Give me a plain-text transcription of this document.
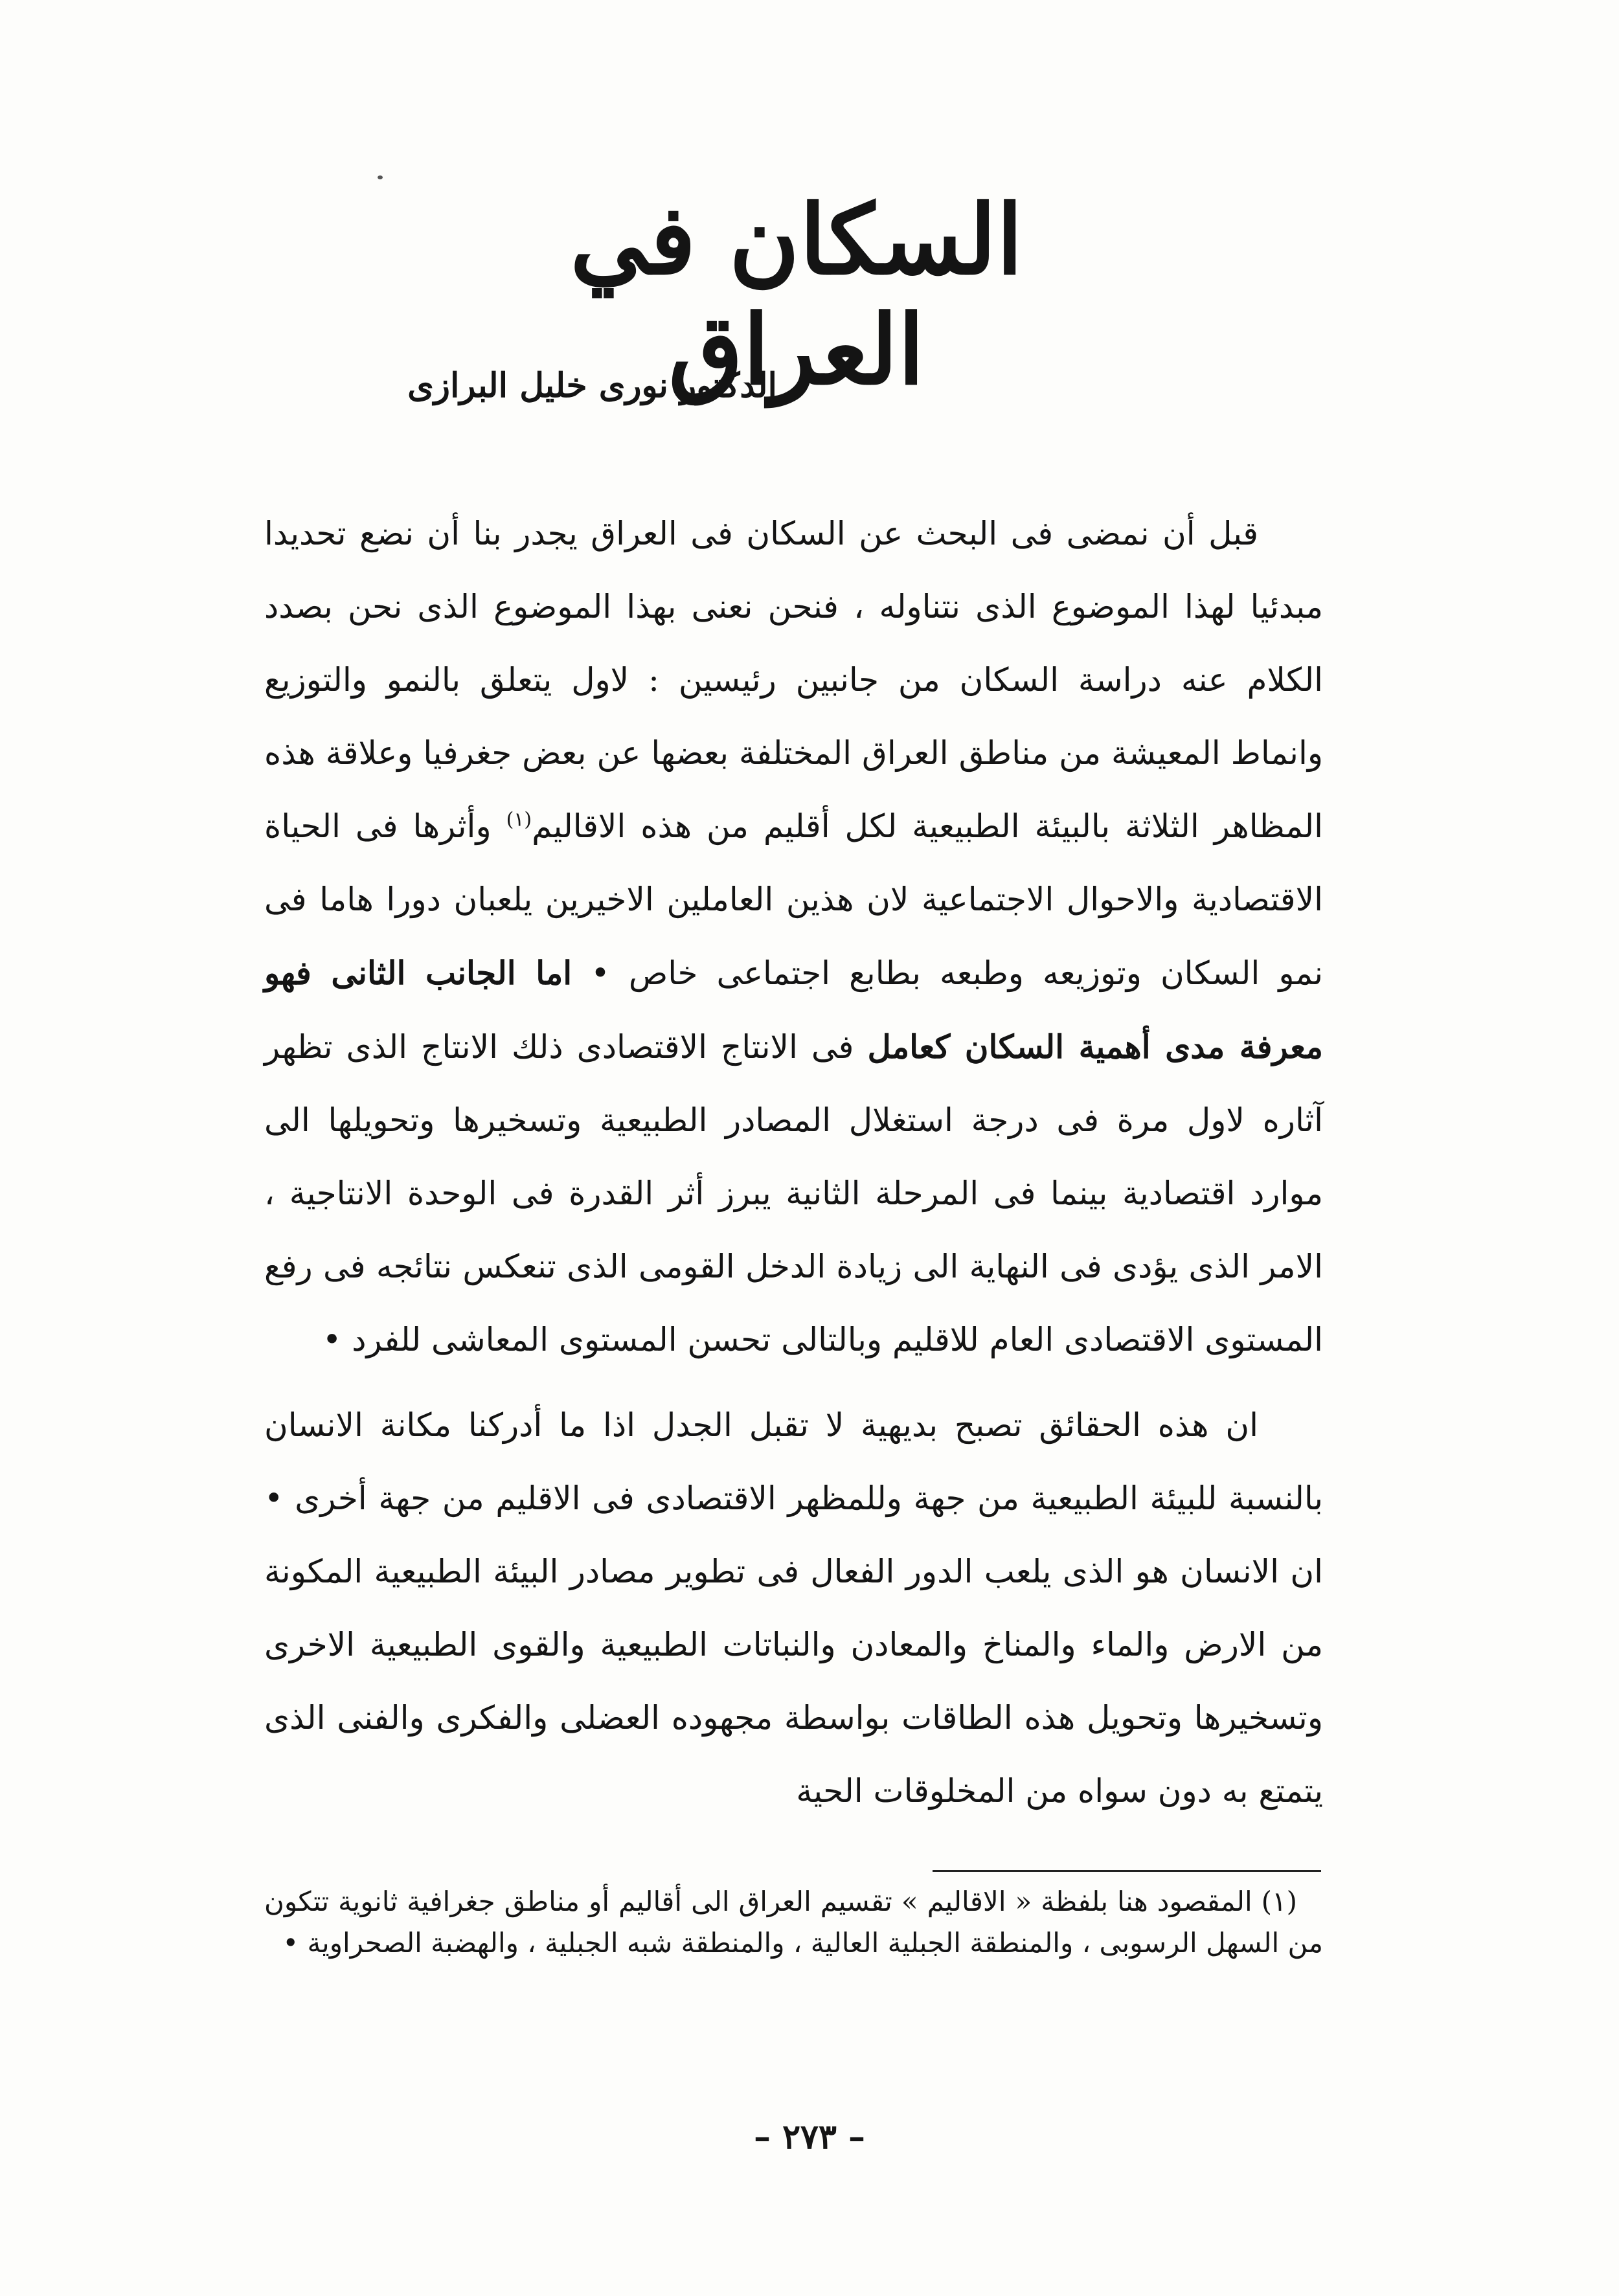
السكان في العراق
الدكتور نورى خليل البرازى

قبل أن نمضى فى البحث عن السكان فى العراق يجدر بنا أن نضع تحديدا مبدئيا لهذا الموضوع الذى نتناوله ، فنحن نعنى بهذا الموضوع الذى نحن بصدد الكلام عنه دراسة السكان من جانبين رئيسين : لاول يتعلق بالنمو والتوزيع وانماط المعيشة من مناطق العراق المختلفة بعضها عن بعض جغرفيا وعلاقة هذه المظاهر الثلاثة بالبيئة الطبيعية لكل أقليم من هذه الاقاليم$^{(١)}$ وأثرها فى الحياة الاقتصادية والاحوال الاجتماعية لان هذين العاملين الاخيرين يلعبان دورا هاما فى نمو السكان وتوزيعه وطبعه بطابع اجتماعى خاص • اما الجانب الثانى فهو معرفة مدى أهمية السكان كعامل فى الانتاج الاقتصادى ذلك الانتاج الذى تظهر آثاره لاول مرة فى درجة استغلال المصادر الطبيعية وتسخيرها وتحويلها الى موارد اقتصادية بينما فى المرحلة الثانية يبرز أثر القدرة فى الوحدة الانتاجية ، الامر الذى يؤدى فى النهاية الى زيادة الدخل القومى الذى تنعكس نتائجه فى رفع المستوى الاقتصادى العام للاقليم وبالتالى تحسن المستوى المعاشى للفرد •

ان هذه الحقائق تصبح بديهية لا تقبل الجدل اذا ما أدركنا مكانة الانسان بالنسبة للبيئة الطبيعية من جهة وللمظهر الاقتصادى فى الاقليم من جهة أخرى • ان الانسان هو الذى يلعب الدور الفعال فى تطوير مصادر البيئة الطبيعية المكونة من الارض والماء والمناخ والمعادن والنباتات الطبيعية والقوى الطبيعية الاخرى وتسخيرها وتحويل هذه الطاقات بواسطة مجهوده العضلى والفكرى والفنى الذى يتمتع به دون سواه من المخلوقات الحية

(١) المقصود هنا بلفظة « الاقاليم » تقسيم العراق الى أقاليم أو مناطق جغرافية ثانوية تتكون من السهل الرسوبى ، والمنطقة الجبلية العالية ، والمنطقة شبه الجبلية ، والهضبة الصحراوية •

– ٢٧٣ –
